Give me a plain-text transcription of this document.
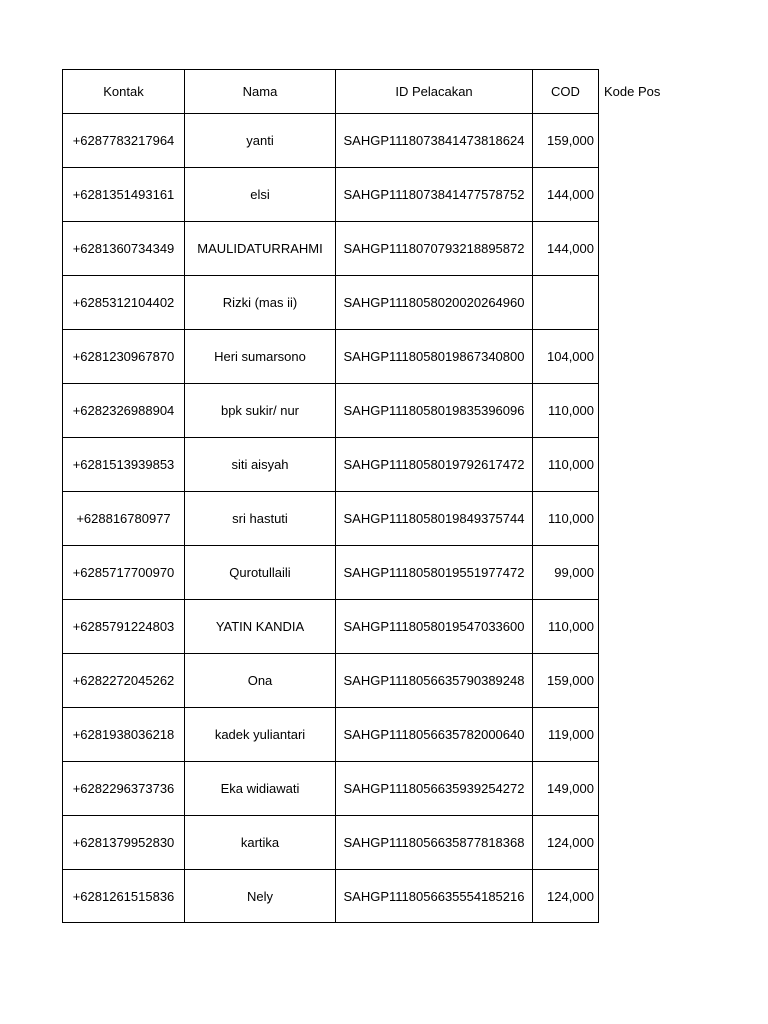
Kontak	Nama	ID Pelacakan	COD	Kode Pos
+6287783217964	yanti	SAHGP1118073841473818624	159,000	
+6281351493161	elsi	SAHGP1118073841477578752	144,000	
+6281360734349	MAULIDATURRAHMI	SAHGP1118070793218895872	144,000	
+6285312104402	Rizki (mas ii)	SAHGP1118058020020264960		
+6281230967870	Heri sumarsono	SAHGP1118058019867340800	104,000	
+6282326988904	bpk sukir/ nur	SAHGP1118058019835396096	110,000	
+6281513939853	siti aisyah	SAHGP1118058019792617472	110,000	
+628816780977	sri hastuti	SAHGP1118058019849375744	110,000	
+6285717700970	Qurotullaili	SAHGP1118058019551977472	99,000	
+6285791224803	YATIN KANDIA	SAHGP1118058019547033600	110,000	
+6282272045262	Ona	SAHGP1118056635790389248	159,000	
+6281938036218	kadek yuliantari	SAHGP1118056635782000640	119,000	
+6282296373736	Eka widiawati	SAHGP1118056635939254272	149,000	
+6281379952830	kartika	SAHGP1118056635877818368	124,000	
+6281261515836	Nely	SAHGP1118056635554185216	124,000	
